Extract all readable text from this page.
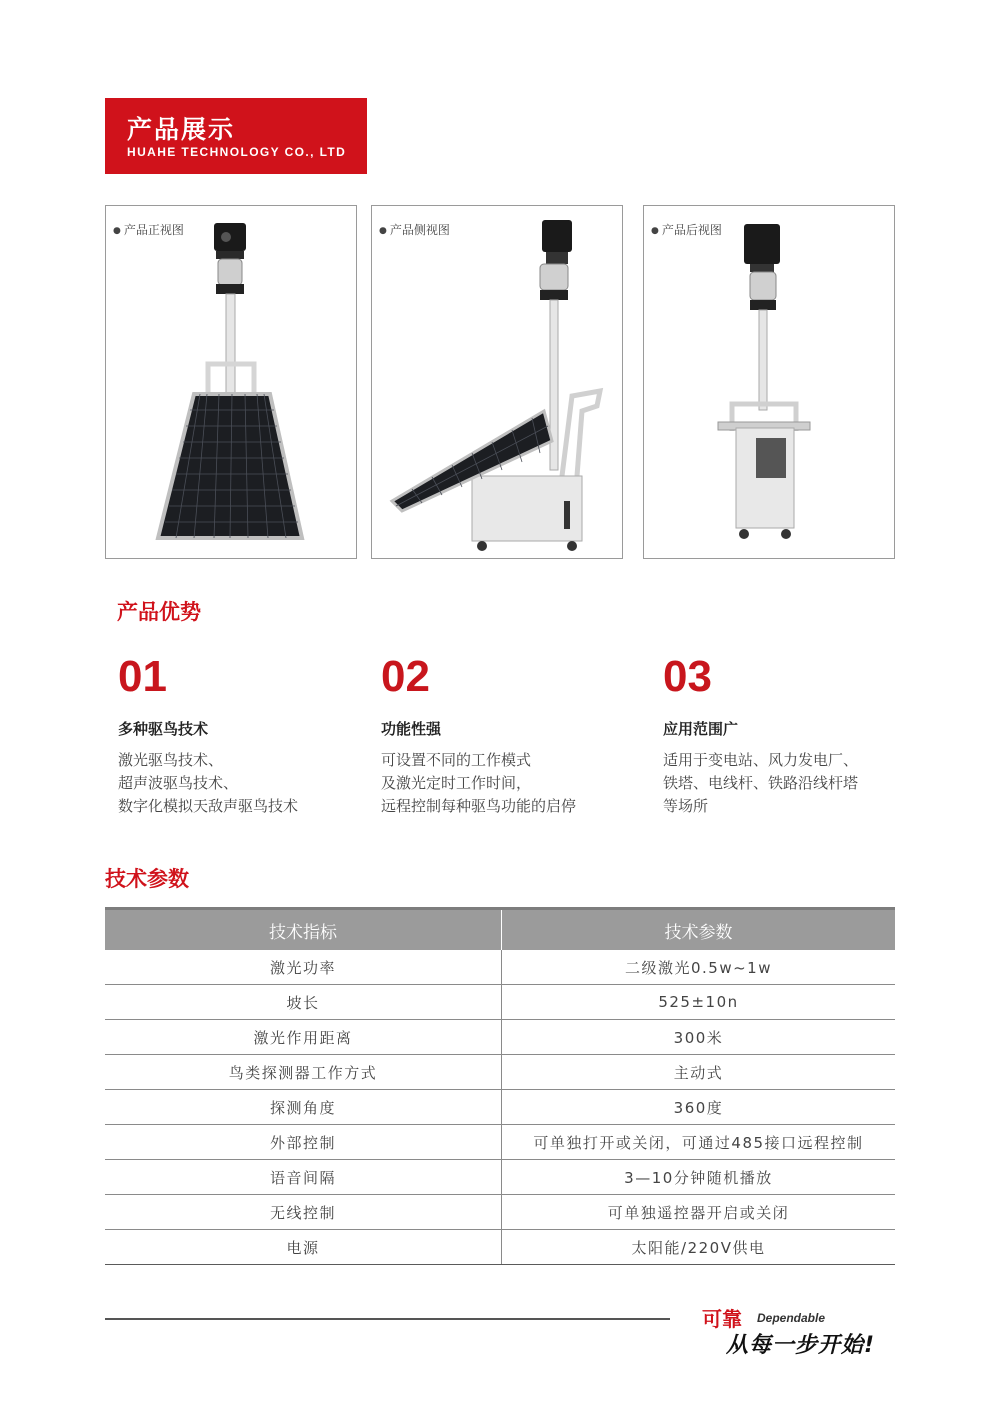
产品展示
HUAHE TECHNOLOGY CO., LTD
● 产品正视图	● 产品侧视图	● 产品后视图
产品优势
01
多种驱鸟技术
激光驱鸟技术、
超声波驱鸟技术、
数字化模拟天敌声驱鸟技术
02
功能性强
可设置不同的工作模式
及激光定时工作时间，
远程控制每种驱鸟功能的启停
03
应用范围广
适用于变电站、风力发电厂、
铁塔、电线杆、铁路沿线杆塔
等场所
技术参数
技术指标	技术参数
激光功率	二级激光0.5w~1w
坡长	525±10n
激光作用距离	300米
鸟类探测器工作方式	主动式
探测角度	360度
外部控制	可单独打开或关闭，可通过485接口远程控制
语音间隔	3—10分钟随机播放
无线控制	可单独遥控器开启或关闭
电源	太阳能/220V供电
可靠 Dependable
从每一步开始!
